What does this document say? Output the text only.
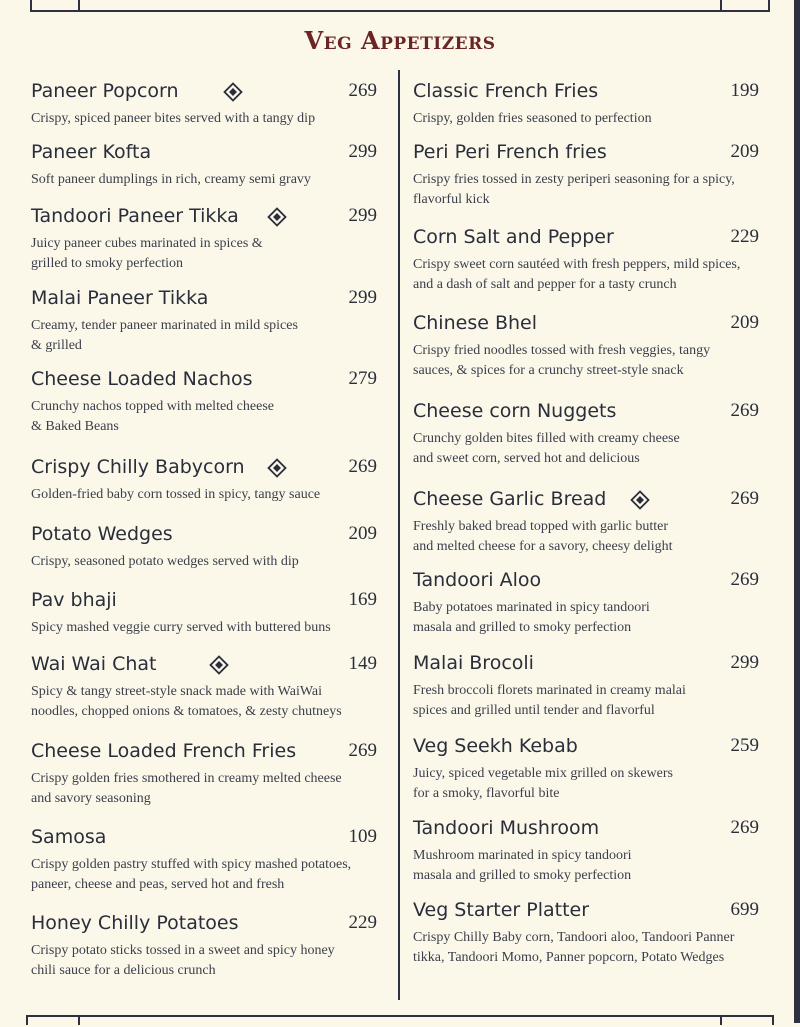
Veg Appetizers
Paneer Popcorn	269
Crispy, spiced paneer bites served with a tangy dip
Paneer Kofta	299
Soft paneer dumplings in rich, creamy semi gravy
Tandoori Paneer Tikka	299
Juicy paneer cubes marinated in spices &
grilled to smoky perfection
Malai Paneer Tikka	299
Creamy, tender paneer marinated in mild spices
& grilled
Cheese Loaded Nachos	279
Crunchy nachos topped with melted cheese
& Baked Beans
Crispy Chilly Babycorn	269
Golden-fried baby corn tossed in spicy, tangy sauce
Potato Wedges	209
Crispy, seasoned potato wedges served with dip
Pav bhaji	169
Spicy mashed veggie curry served with buttered buns
Wai Wai Chat	149
Spicy & tangy street-style snack made with WaiWai
noodles, chopped onions & tomatoes, & zesty chutneys
Cheese Loaded French Fries	269
Crispy golden fries smothered in creamy melted cheese
and savory seasoning
Samosa	109
Crispy golden pastry stuffed with spicy mashed potatoes,
paneer, cheese and peas, served hot and fresh
Honey Chilly Potatoes	229
Crispy potato sticks tossed in a sweet and spicy honey
chili sauce for a delicious crunch
Classic French Fries	199
Crispy, golden fries seasoned to perfection
Peri Peri French fries	209
Crispy fries tossed in zesty periperi seasoning for a spicy,
flavorful kick
Corn Salt and Pepper	229
Crispy sweet corn sautéed with fresh peppers, mild spices,
and a dash of salt and pepper for a tasty crunch
Chinese Bhel	209
Crispy fried noodles tossed with fresh veggies, tangy
sauces, & spices for a crunchy street-style snack
Cheese corn Nuggets	269
Crunchy golden bites filled with creamy cheese
and sweet corn, served hot and delicious
Cheese Garlic Bread	269
Freshly baked bread topped with garlic butter
and melted cheese for a savory, cheesy delight
Tandoori Aloo	269
Baby potatoes marinated in spicy tandoori
masala and grilled to smoky perfection
Malai Brocoli	299
Fresh broccoli florets marinated in creamy malai
spices and grilled until tender and flavorful
Veg Seekh Kebab	259
Juicy, spiced vegetable mix grilled on skewers
for a smoky, flavorful bite
Tandoori Mushroom	269
Mushroom marinated in spicy tandoori
masala and grilled to smoky perfection
Veg Starter Platter	699
Crispy Chilly Baby corn, Tandoori aloo, Tandoori Panner
tikka, Tandoori Momo, Panner popcorn, Potato Wedges
